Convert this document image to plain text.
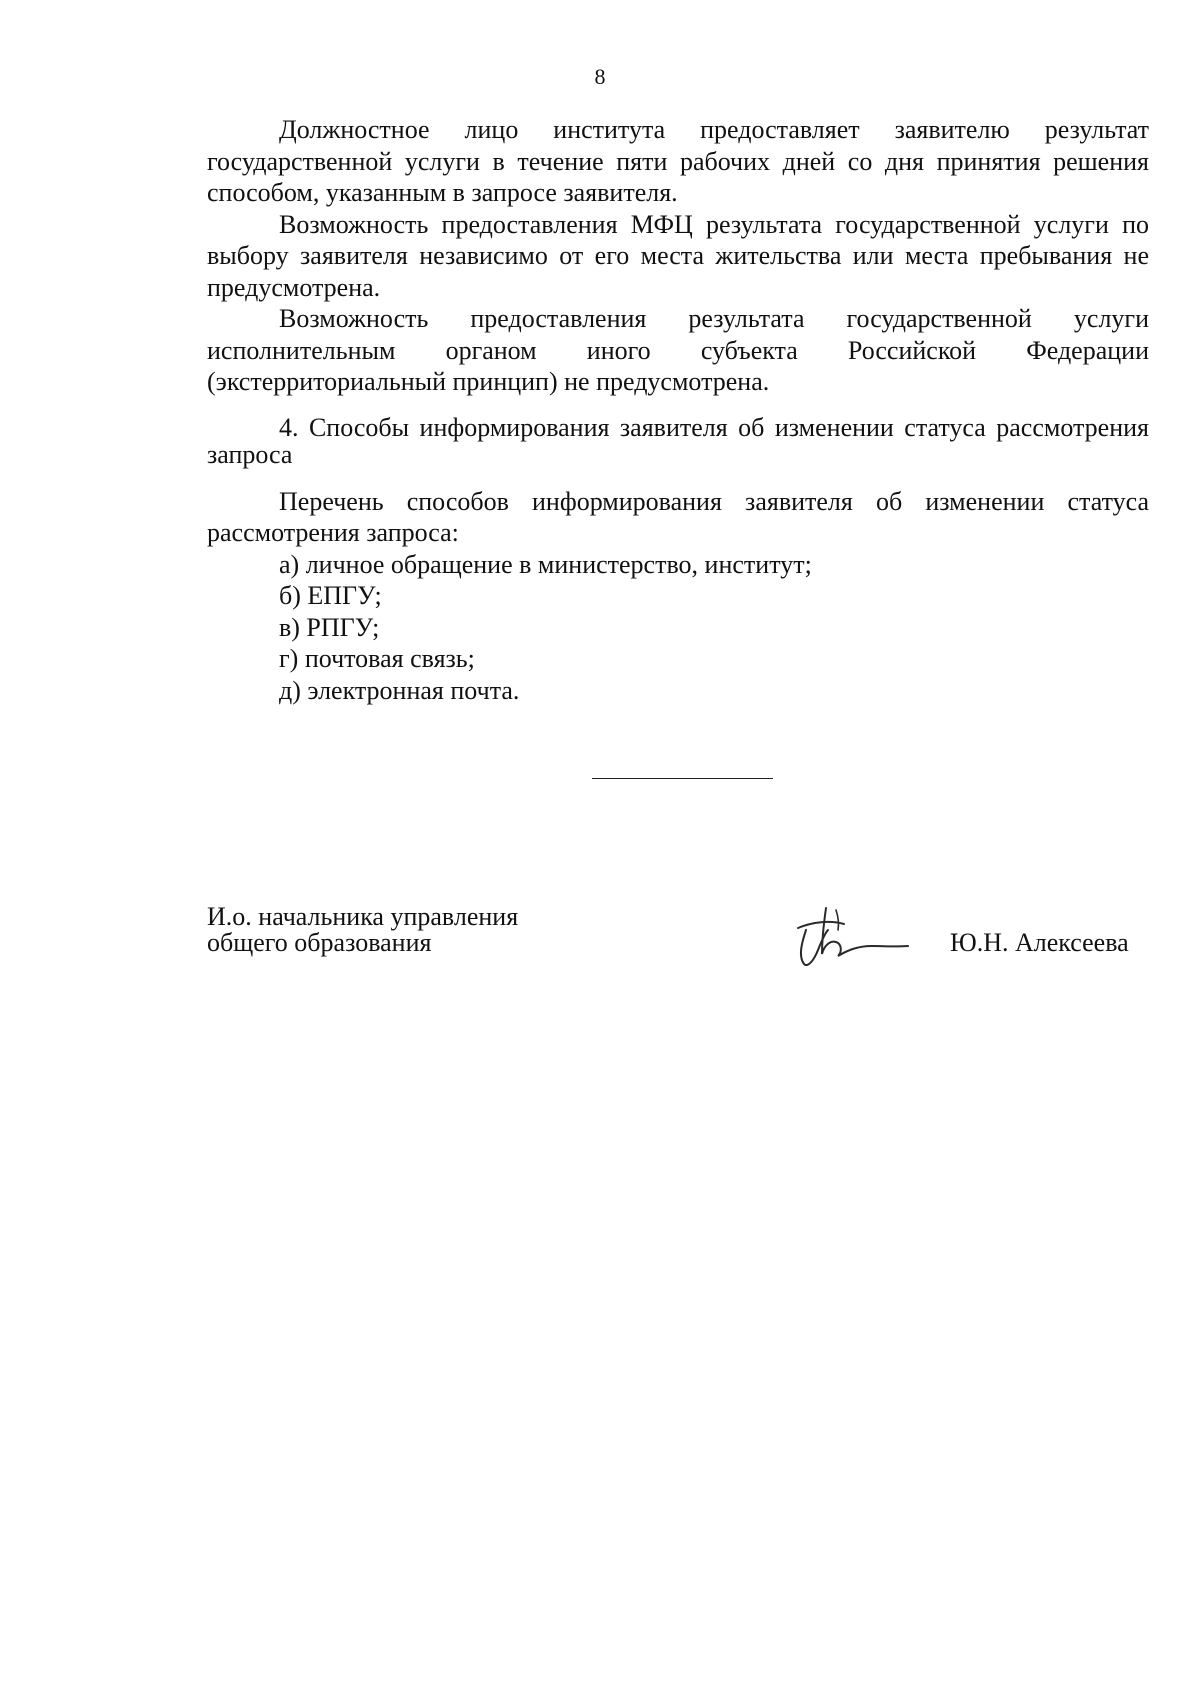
8

Должностное лицо института предоставляет заявителю результат государственной услуги в течение пяти рабочих дней со дня принятия решения способом, указанным в запросе заявителя.

Возможность предоставления МФЦ результата государственной услуги по выбору заявителя независимо от его места жительства или места пребывания не предусмотрена.

Возможность предоставления результата государственной услуги исполнительным органом иного субъекта Российской Федерации (экстерриториальный принцип) не предусмотрена.

4. Способы информирования заявителя об изменении статуса рассмотрения запроса

Перечень способов информирования заявителя об изменении статуса рассмотрения запроса:

а) личное обращение в министерство, институт;
б) ЕПГУ;
в) РПГУ;
г) почтовая связь;
д) электронная почта.
И.о. начальника управления
общего образования	Ю.Н. Алексеева
